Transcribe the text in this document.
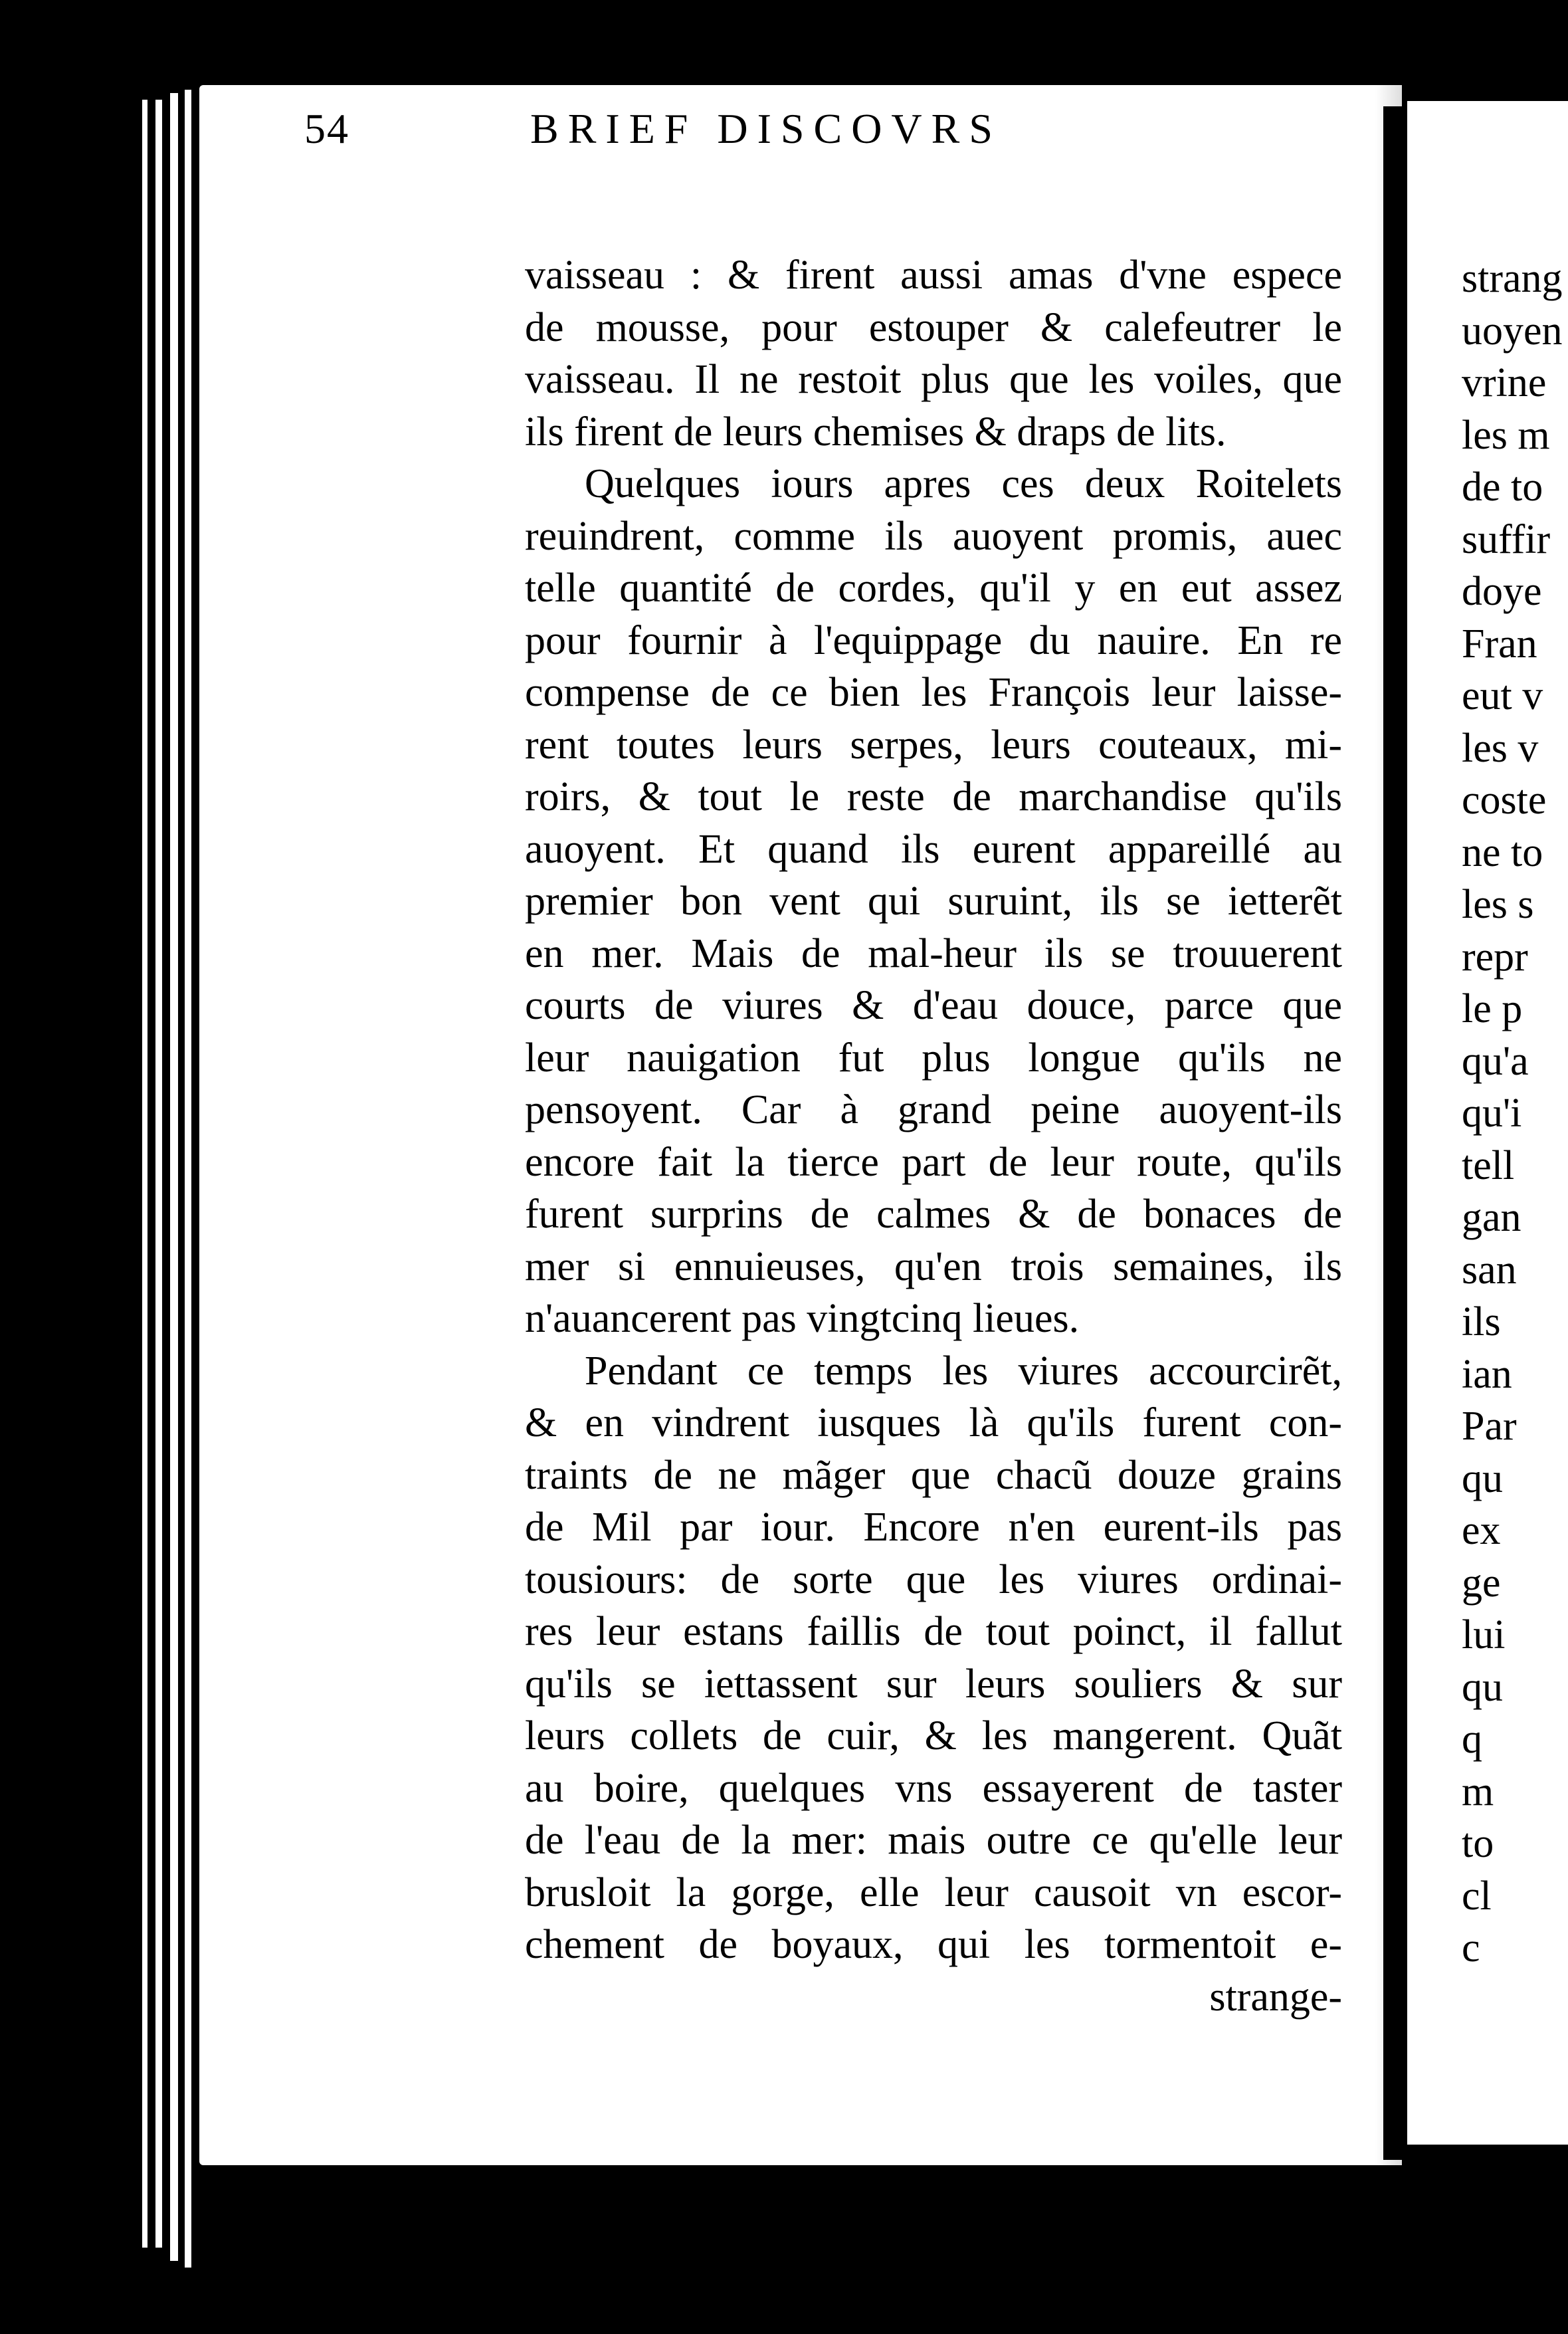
54	BRIEF DISCOVRS
vaisseau : & firent aussi amas d'vne espece
de mousse, pour estouper & calefeutrer le
vaisseau. Il ne restoit plus que les voiles, que
ils firent de leurs chemises & draps de lits.
Quelques iours apres ces deux Roitelets
reuindrent, comme ils auoyent promis, auec
telle quantité de cordes, qu'il y en eut assez
pour fournir à l'equippage du nauire. En re
compense de ce bien les François leur laisse-
rent toutes leurs serpes, leurs couteaux, mi-
roirs, & tout le reste de marchandise qu'ils
auoyent. Et quand ils eurent appareillé au
premier bon vent qui suruint, ils se ietterẽt
en mer. Mais de mal-heur ils se trouuerent
courts de viures & d'eau douce, parce que
leur nauigation fut plus longue qu'ils ne
pensoyent. Car à grand peine auoyent-ils
encore fait la tierce part de leur route, qu'ils
furent surprins de calmes & de bonaces de
mer si ennuieuses, qu'en trois semaines, ils
n'auancerent pas vingtcinq lieues.
Pendant ce temps les viures accourcirẽt,
& en vindrent iusques là qu'ils furent con-
traints de ne mãger que chacũ douze grains
de Mil par iour. Encore n'en eurent-ils pas
tousiours: de sorte que les viures ordinai-
res leur estans faillis de tout poinct, il fallut
qu'ils se iettassent sur leurs souliers & sur
leurs collets de cuir, & les mangerent. Quãt
au boire, quelques vns essayerent de taster
de l'eau de la mer: mais outre ce qu'elle leur
brusloit la gorge, elle leur causoit vn escor-
chement de boyaux, qui les tormentoit e-
strange-
strang
uoyen
vrine
les m
de to
suffir
doye
Fran
eut v
les v
coste
ne to
les s
repr
le p
qu'a
qu'i
tell
gan
san
ils
ian
Par
qu
ex
ge
lui
qu
q
m
to
cl
c
